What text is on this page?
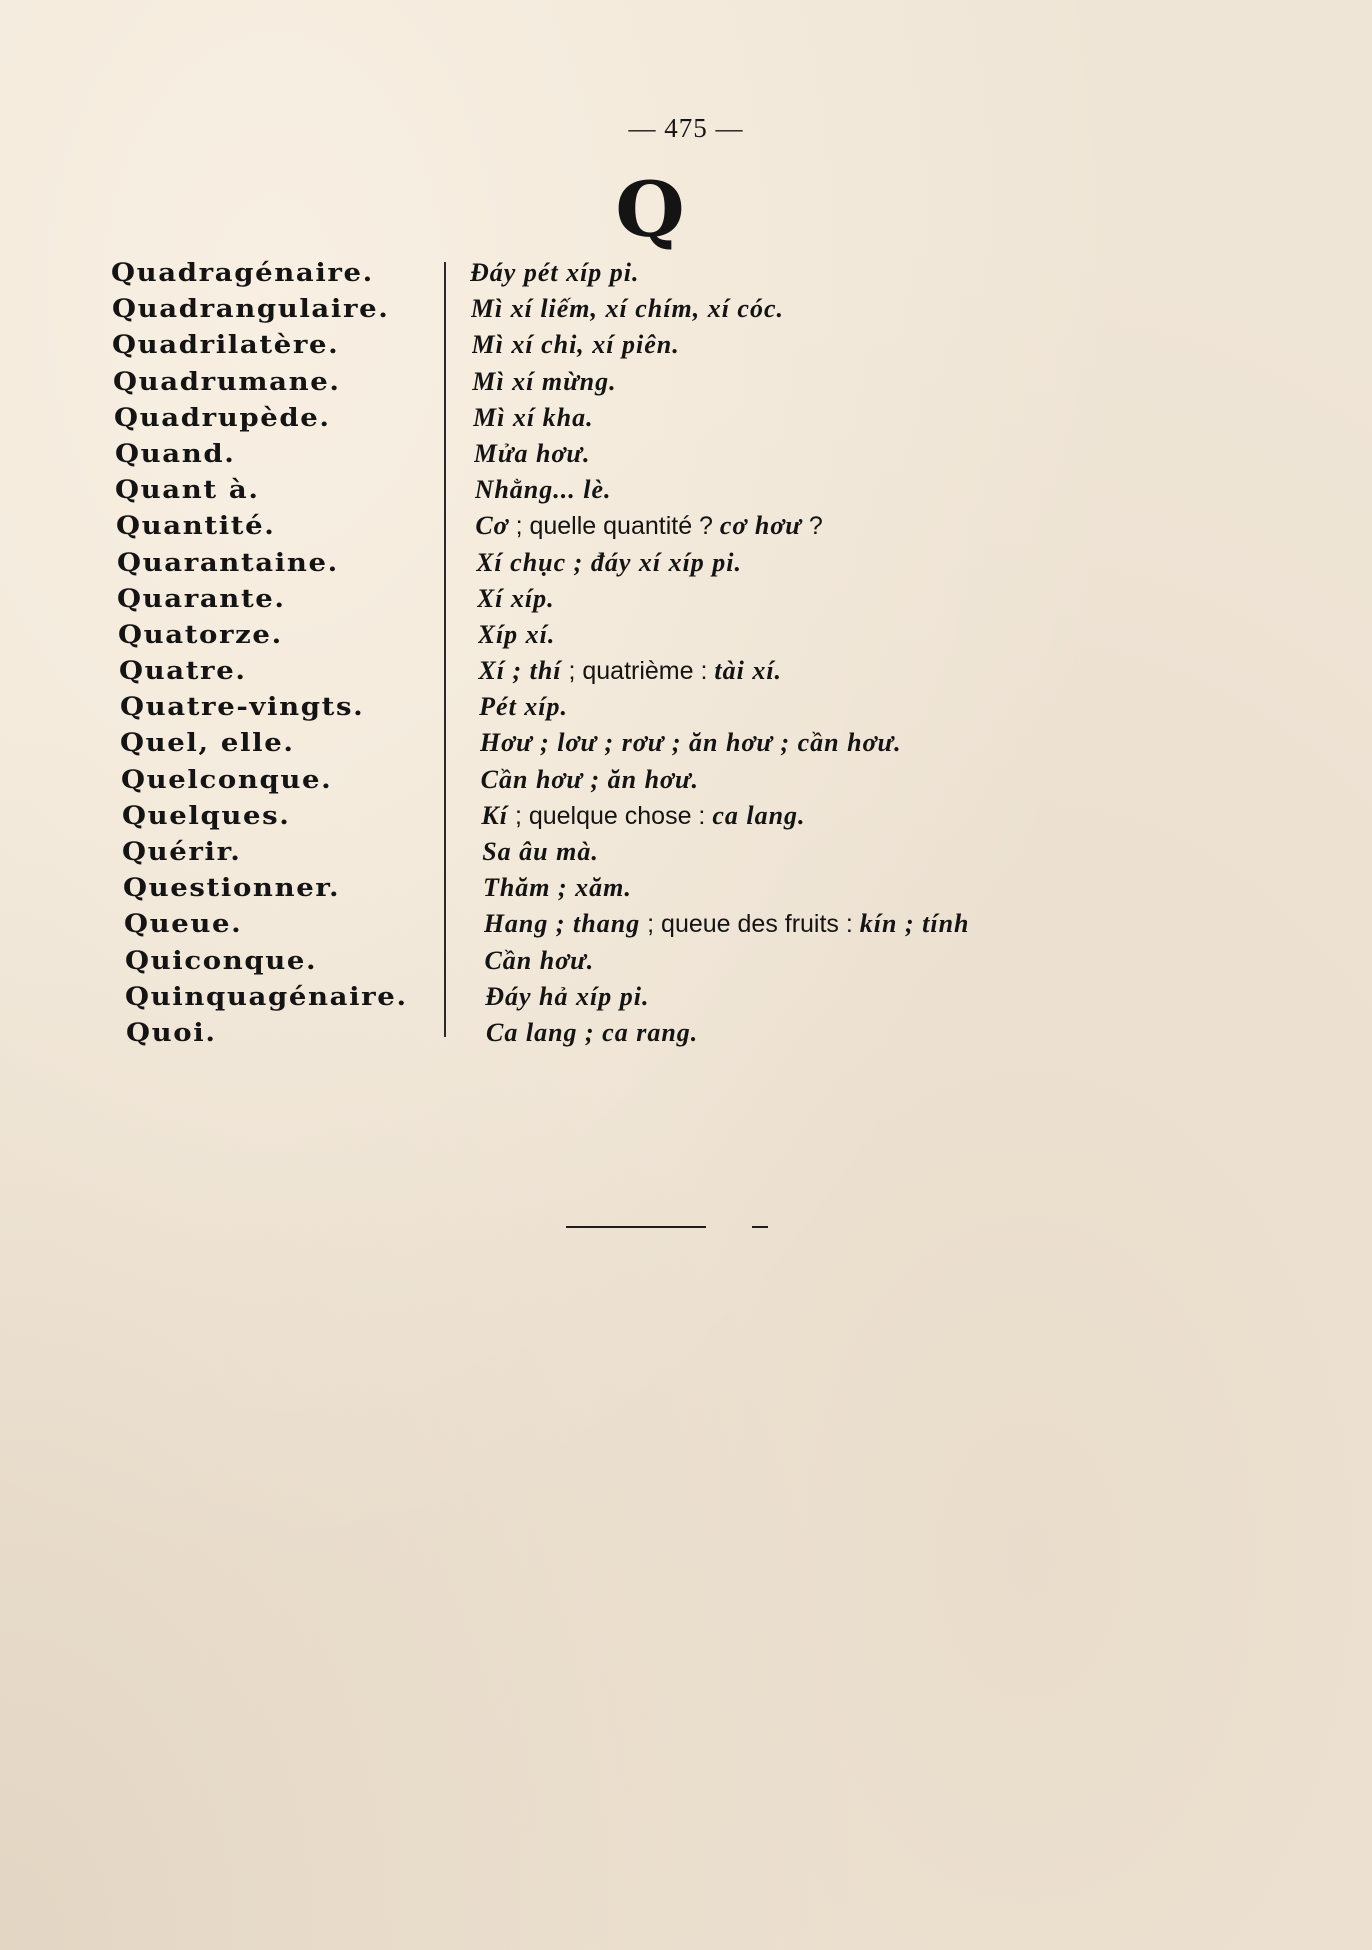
— 475 —
Q
Quadragénaire.	Đáy pét xíp pi.
Quadrangulaire.	Mì xí liếm, xí chím, xí cóc.
Quadrilatère.	Mì xí chi, xí piên.
Quadrumane.	Mì xí mừng.
Quadrupède.	Mì xí kha.
Quand.	Mửa hơư.
Quant à.	Nhằng... lè.
Quantité.	Cơ ; quelle quantité ? cơ hơư ?
Quarantaine.	Xí chục ; đáy xí xíp pi.
Quarante.	Xí xíp.
Quatorze.	Xíp xí.
Quatre.	Xí ; thí ; quatrième : tài xí.
Quatre-vingts.	Pét xíp.
Quel, elle.	Hơư ; lơư ; rơư ; ăn hơư ; cần hơư.
Quelconque.	Cần hơư ; ăn hơư.
Quelques.	Kí ; quelque chose : ca lang.
Quérir.	Sa âu mà.
Questionner.	Thăm ; xăm.
Queue.	Hang ; thang ; queue des fruits : kín ; tính
Quiconque.	Cần hơư.
Quinquagénaire.	Đáy hả xíp pi.
Quoi.	Ca lang ; ca rang.
